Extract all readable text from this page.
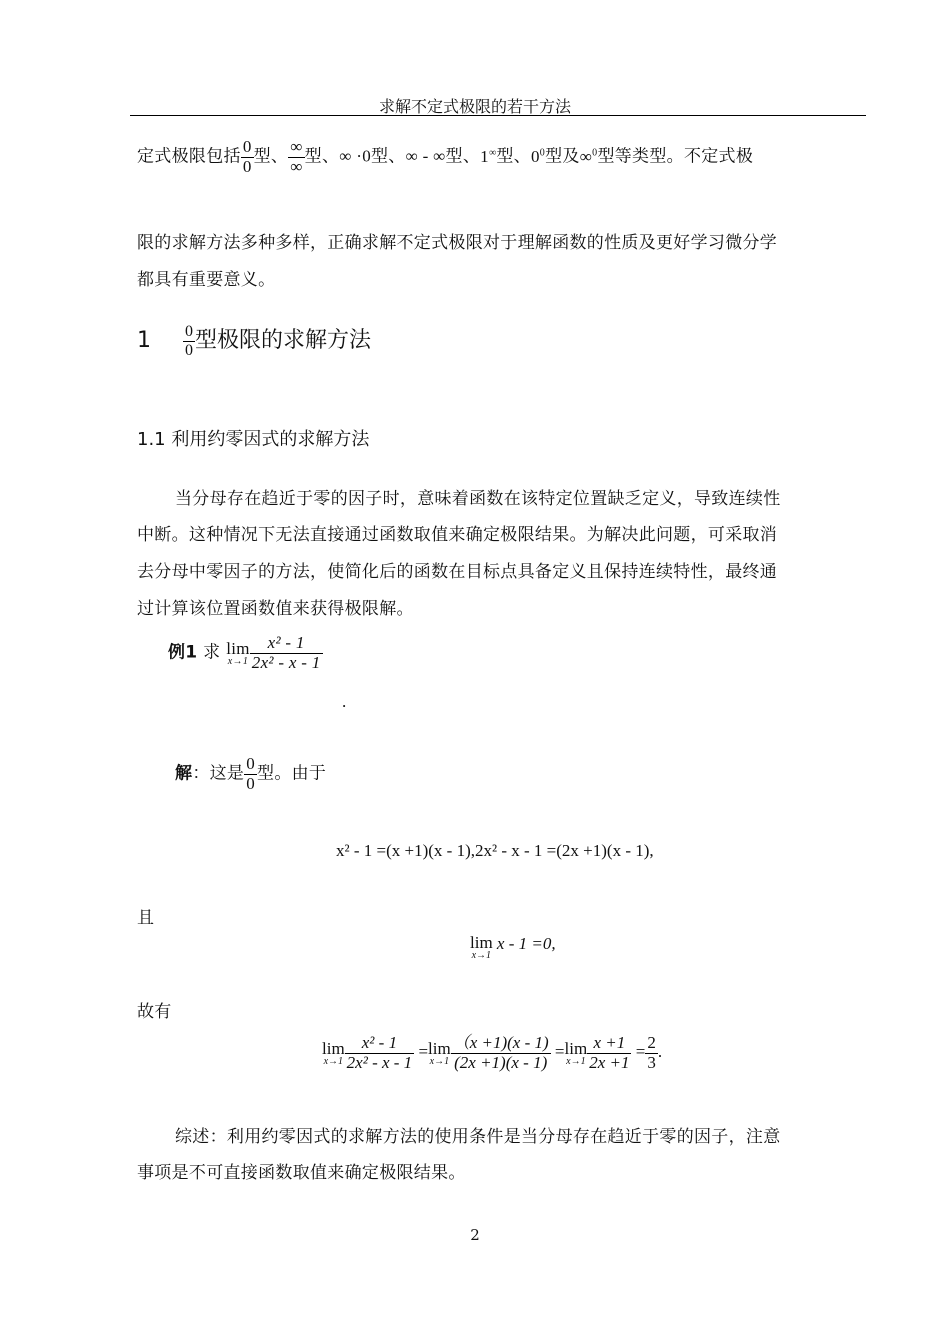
求解不定式极限的若干方法
定式极限包括 $\frac{0}{0}$ 型、 $\frac{\infty}{\infty}$ 型、∞ ·0型、∞ - ∞型、1∞型、$0^0$型及∞$^0$型等类型。不定式极
限的求解方法多种多样，正确求解不定式极限对于理解函数的性质及更好学习微分学
都具有重要意义。
$1 \frac{0}{0}$ 型极限的求解方法
1.1 利用约零因式的求解方法
当分母存在趋近于零的因子时，意味着函数在该特定位置缺乏定义，导致连续性
中断。这种情况下无法直接通过函数取值来确定极限结果。为解决此问题，可采取消
去分母中零因子的方法，使简化后的函数在目标点具备定义且保持连续特性，最终通
过计算该位置函数值来获得极限解。
例1 求 lim
$x\to 1 \frac{\text{x² - 1}}{\text{2x² - x - 1}}$
.
解：这是 $\frac{0}{0}$ 型。由于
x² - 1 =(x +1)(x - 1),2x² - x - 1 =(2x +1)(x - 1),
且
lim
x→1
x - 1 =0,
故有
lim
$x\to 1 \frac{\text{x² - 1}}{\text{2x² - x - 1}} = \lim$
$x\to 1 \frac{(x +1)(x - 1)}{(2x +1)(x - 1)} = \lim$
$x\to 1 \frac{x +1}{2x +1} = \frac{2}{3}$ .
综述：利用约零因式的求解方法的使用条件是当分母存在趋近于零的因子，注意
事项是不可直接函数取值来确定极限结果。
2
